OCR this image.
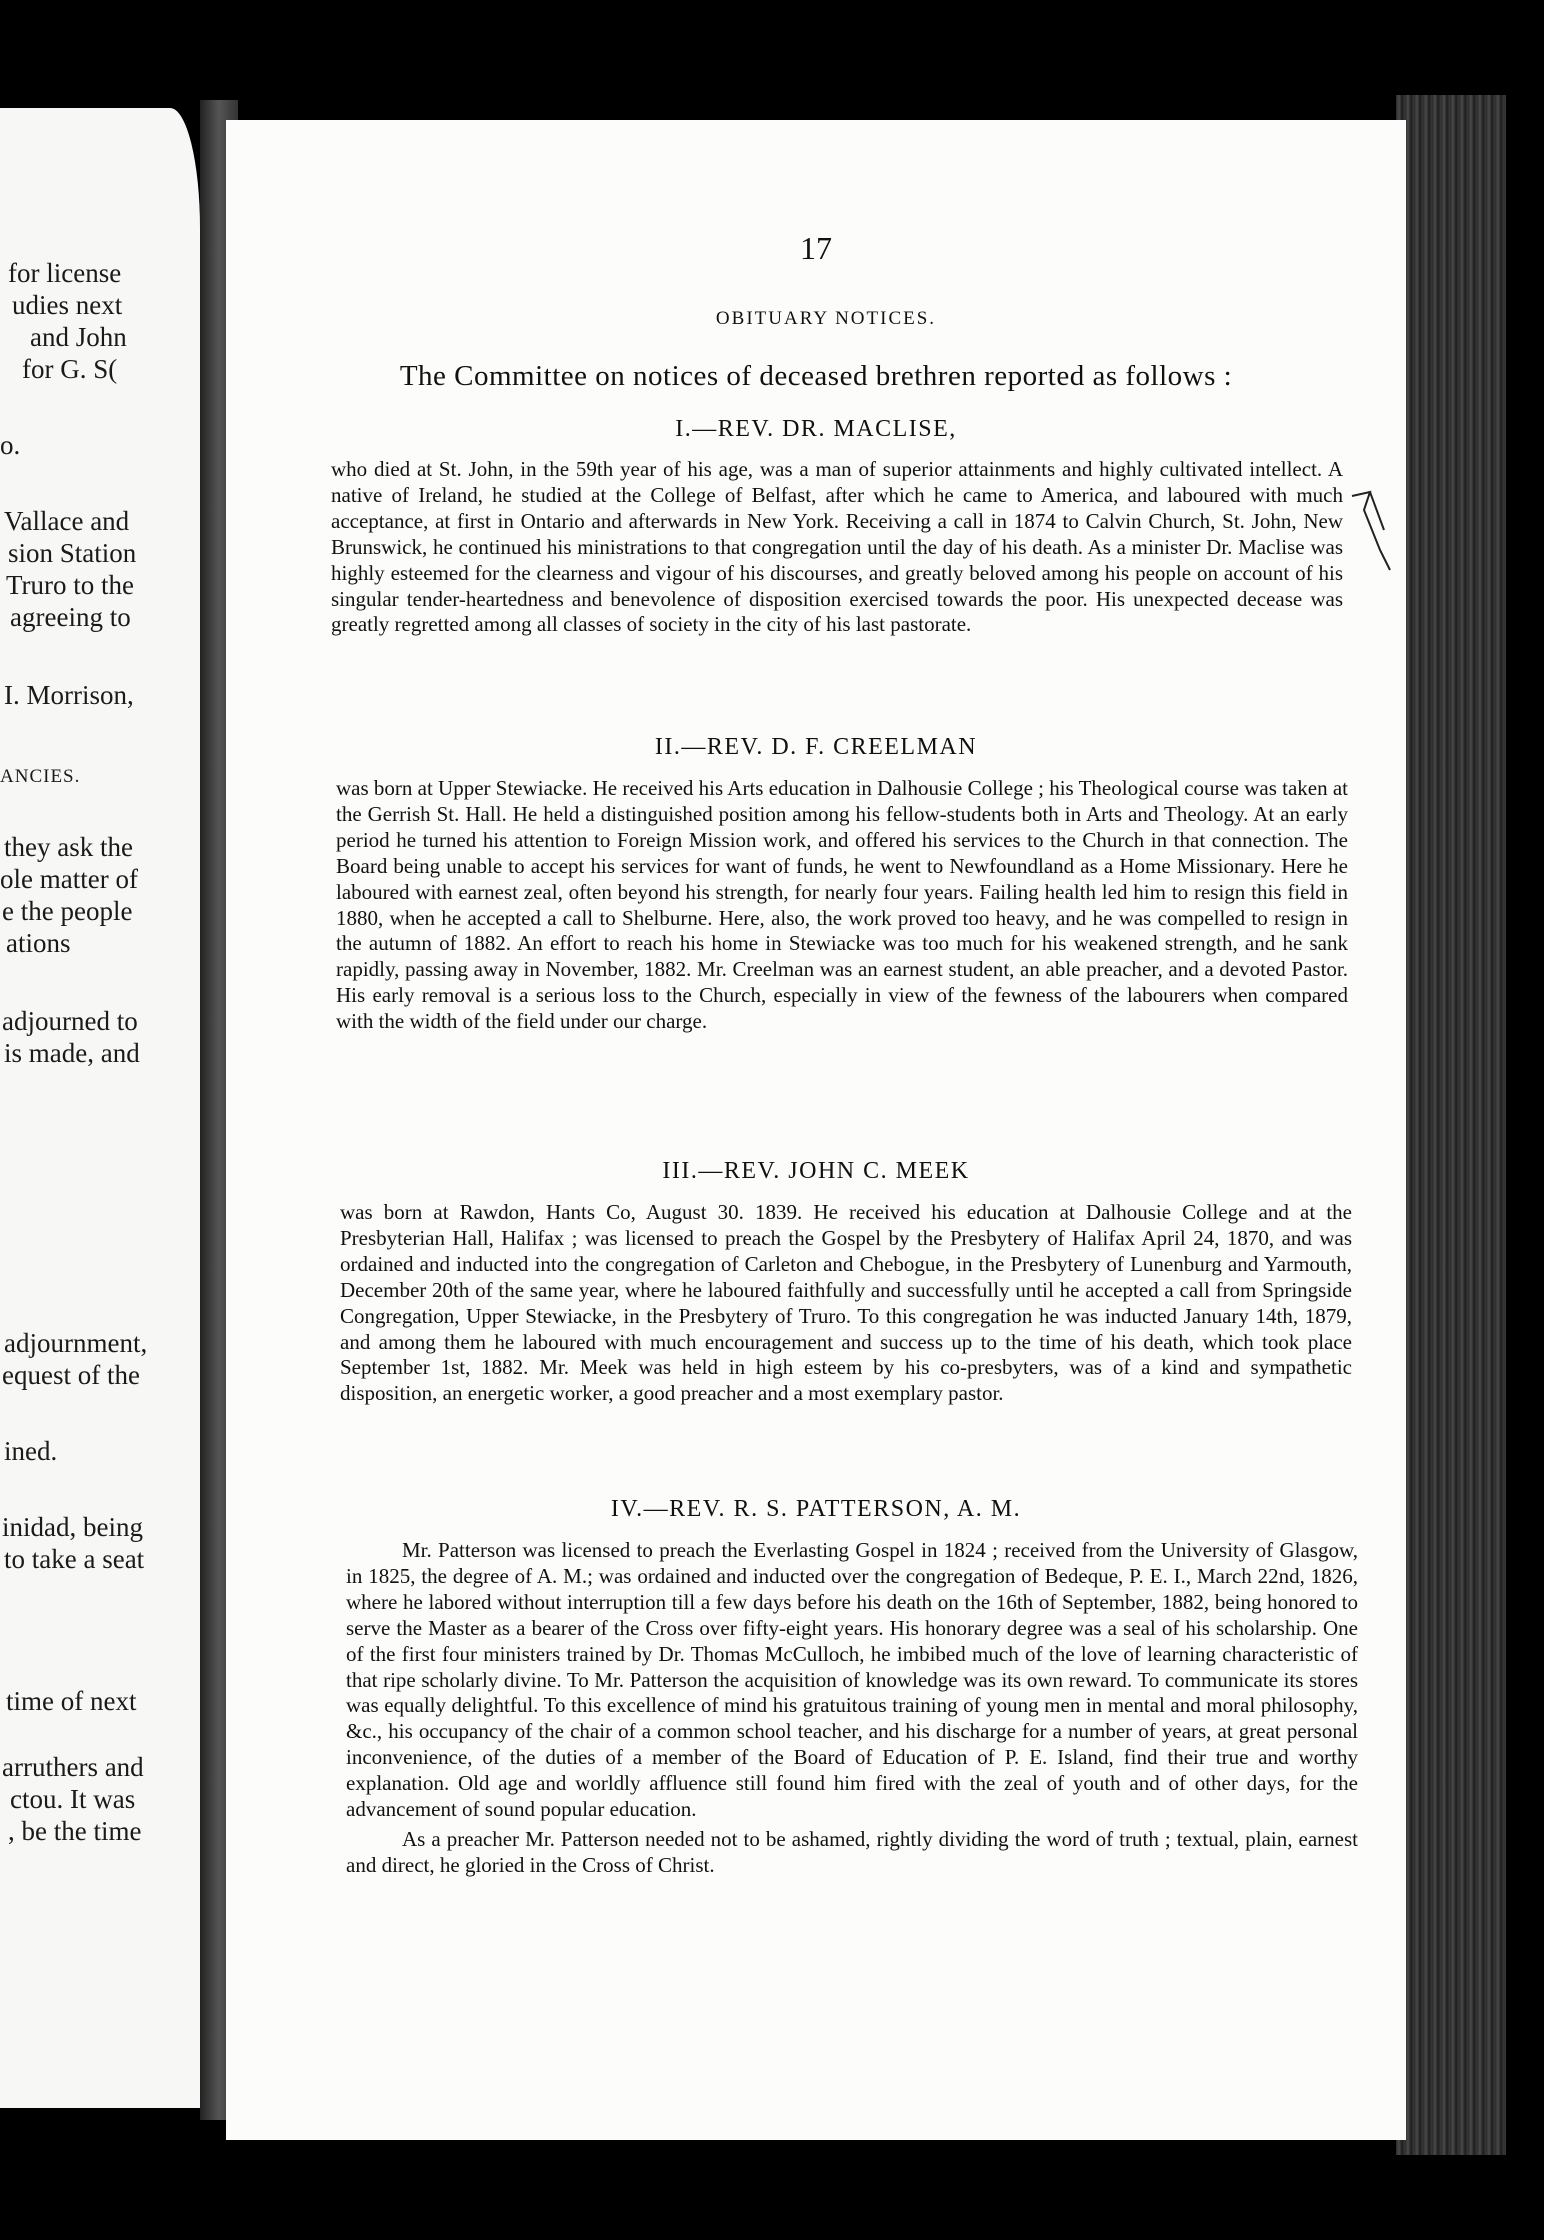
for license
udies next
and John
for G. S(
o.
Vallace and
sion Station
Truro to the
agreeing to
I. Morrison,
ANCIES.
they ask the
ole matter of
e the people
ations
adjourned to
is made, and
adjournment,
equest of the
ined.
inidad, being
to take a seat
time of next
arruthers and
ctou. It was
, be the time
17
OBITUARY NOTICES.
The Committee on notices of deceased brethren reported as follows :
I.—REV. DR. MACLISE,

who died at St. John, in the 59th year of his age, was a man of superior attainments and highly cultivated intellect. A native of Ireland, he studied at the College of Belfast, after which he came to America, and laboured with much acceptance, at first in Ontario and afterwards in New York. Receiving a call in 1874 to Calvin Church, St. John, New Brunswick, he continued his ministrations to that congregation until the day of his death. As a minister Dr. Maclise was highly esteemed for the clearness and vigour of his discourses, and greatly beloved among his people on account of his singular tender-heartedness and benevolence of disposition exercised towards the poor. His unexpected decease was greatly regretted among all classes of society in the city of his last pastorate.

II.—REV. D. F. CREELMAN

was born at Upper Stewiacke. He received his Arts education in Dalhousie College ; his Theological course was taken at the Gerrish St. Hall. He held a distinguished position among his fellow-students both in Arts and Theology. At an early period he turned his attention to Foreign Mission work, and offered his services to the Church in that connection. The Board being unable to accept his services for want of funds, he went to Newfoundland as a Home Missionary. Here he laboured with earnest zeal, often beyond his strength, for nearly four years. Failing health led him to resign this field in 1880, when he accepted a call to Shelburne. Here, also, the work proved too heavy, and he was compelled to resign in the autumn of 1882. An effort to reach his home in Stewiacke was too much for his weakened strength, and he sank rapidly, passing away in November, 1882. Mr. Creelman was an earnest student, an able preacher, and a devoted Pastor. His early removal is a serious loss to the Church, especially in view of the fewness of the labourers when compared with the width of the field under our charge.

III.—REV. JOHN C. MEEK

was born at Rawdon, Hants Co, August 30. 1839. He received his education at Dalhousie College and at the Presbyterian Hall, Halifax ; was licensed to preach the Gospel by the Presbytery of Halifax April 24, 1870, and was ordained and inducted into the congregation of Carleton and Chebogue, in the Presbytery of Lunenburg and Yarmouth, December 20th of the same year, where he laboured faithfully and successfully until he accepted a call from Springside Congregation, Upper Stewiacke, in the Presbytery of Truro. To this congregation he was inducted January 14th, 1879, and among them he laboured with much encouragement and success up to the time of his death, which took place September 1st, 1882. Mr. Meek was held in high esteem by his co-presbyters, was of a kind and sympathetic disposition, an energetic worker, a good preacher and a most exemplary pastor.

IV.—REV. R. S. PATTERSON, A. M.

Mr. Patterson was licensed to preach the Everlasting Gospel in 1824 ; received from the University of Glasgow, in 1825, the degree of A. M.; was ordained and inducted over the congregation of Bedeque, P. E. I., March 22nd, 1826, where he labored without interruption till a few days before his death on the 16th of September, 1882, being honored to serve the Master as a bearer of the Cross over fifty-eight years. His honorary degree was a seal of his scholarship. One of the first four ministers trained by Dr. Thomas McCulloch, he imbibed much of the love of learning characteristic of that ripe scholarly divine. To Mr. Patterson the acquisition of knowledge was its own reward. To communicate its stores was equally delightful. To this excellence of mind his gratuitous training of young men in mental and moral philosophy, &c., his occupancy of the chair of a common school teacher, and his discharge for a number of years, at great personal inconvenience, of the duties of a member of the Board of Education of P. E. Island, find their true and worthy explanation. Old age and worldly affluence still found him fired with the zeal of youth and of other days, for the advancement of sound popular education.

As a preacher Mr. Patterson needed not to be ashamed, rightly dividing the word of truth ; textual, plain, earnest and direct, he gloried in the Cross of Christ.
